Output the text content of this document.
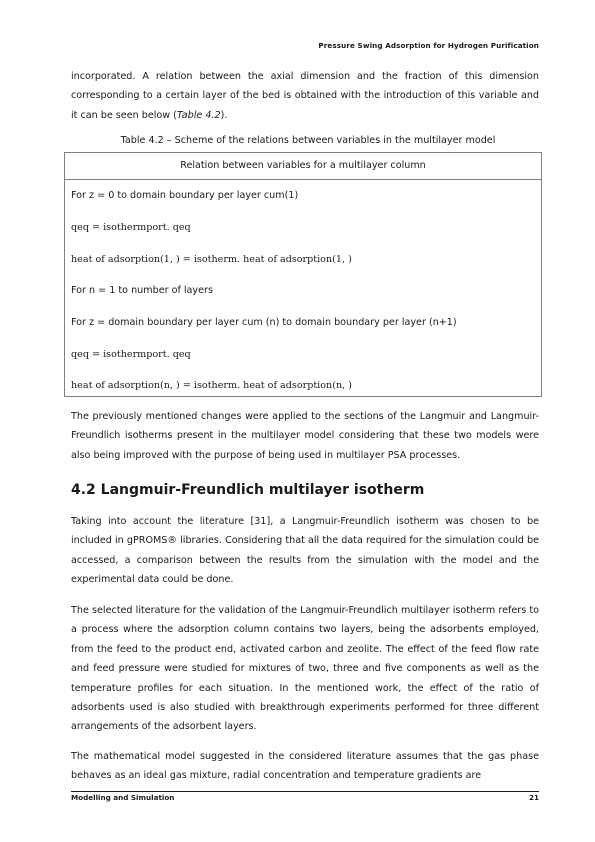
Pressure Swing Adsorption for Hydrogen Purification

incorporated. A relation between the axial dimension and the fraction of this dimension corresponding to a certain layer of the bed is obtained with the introduction of this variable and it can be seen below (Table 4.2).

Table 4.2 – Scheme of the relations between variables in the multilayer model
Relation between variables for a multilayer column
For z = 0 to domain boundary per layer cum(1)
qeq = isothermport. qeq
heat of adsorption(1, ) = isotherm. heat of adsorption(1, )
For n = 1 to number of layers
For z = domain boundary per layer cum (n) to domain boundary per layer (n+1)
qeq = isothermport. qeq
heat of adsorption(n, ) = isotherm. heat of adsorption(n, )

The previously mentioned changes were applied to the sections of the Langmuir and Langmuir-Freundlich isotherms present in the multilayer model considering that these two models were also being improved with the purpose of being used in multilayer PSA processes.

4.2 Langmuir-Freundlich multilayer isotherm

Taking into account the literature [31], a Langmuir-Freundlich isotherm was chosen to be included in gPROMS® libraries. Considering that all the data required for the simulation could be accessed, a comparison between the results from the simulation with the model and the experimental data could be done.

The selected literature for the validation of the Langmuir-Freundlich multilayer isotherm refers to a process where the adsorption column contains two layers, being the adsorbents employed, from the feed to the product end, activated carbon and zeolite. The effect of the feed flow rate and feed pressure were studied for mixtures of two, three and five components as well as the temperature profiles for each situation. In the mentioned work, the effect of the ratio of adsorbents used is also studied with breakthrough experiments performed for three different arrangements of the adsorbent layers.

The mathematical model suggested in the considered literature assumes that the gas phase behaves as an ideal gas mixture, radial concentration and temperature gradients are

Modelling and Simulation	21
